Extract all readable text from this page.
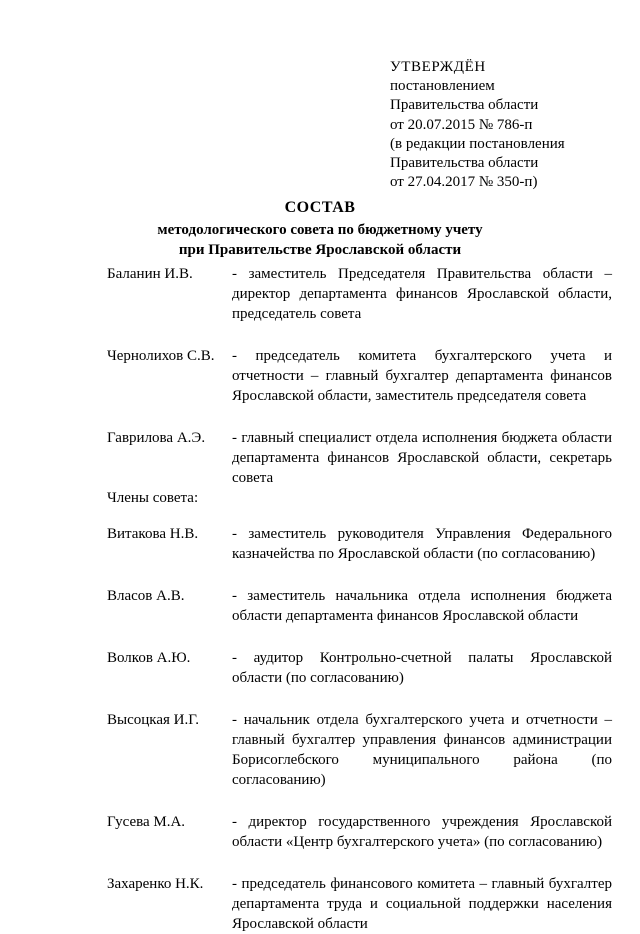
УТВЕРЖДЁН
постановлением
Правительства области
от 20.07.2015 № 786-п
(в редакции постановления
Правительства области
от 27.04.2017 № 350-п)
СОСТАВ
методологического совета по бюджетному учету
при Правительстве Ярославской области
Баланин И.В.	- заместитель Председателя Правительства области – директор департамента финансов Ярославской области, председатель совета
Чернолихов С.В.	- председатель комитета бухгалтерского учета и отчетности – главный бухгалтер департамента финансов Ярославской области, заместитель председателя совета
Гаврилова А.Э.	- главный специалист отдела исполнения бюджета области департамента финансов Ярославской области, секретарь совета
Члены совета:
Витакова Н.В.	- заместитель руководителя Управления Федерального казначейства по Ярославской области (по согласованию)
Власов А.В.	- заместитель начальника отдела исполнения бюджета области департамента финансов Ярославской области
Волков А.Ю.	- аудитор Контрольно-счетной палаты Ярославской области (по согласованию)
Высоцкая И.Г.	- начальник отдела бухгалтерского учета и отчетности – главный бухгалтер управления финансов администрации Борисоглебского муниципального района (по согласованию)
Гусева М.А.	- директор государственного учреждения Ярославской области «Центр бухгалтерского учета» (по согласованию)
Захаренко Н.К.	- председатель финансового комитета – главный бухгалтер департамента труда и социальной поддержки населения Ярославской области
